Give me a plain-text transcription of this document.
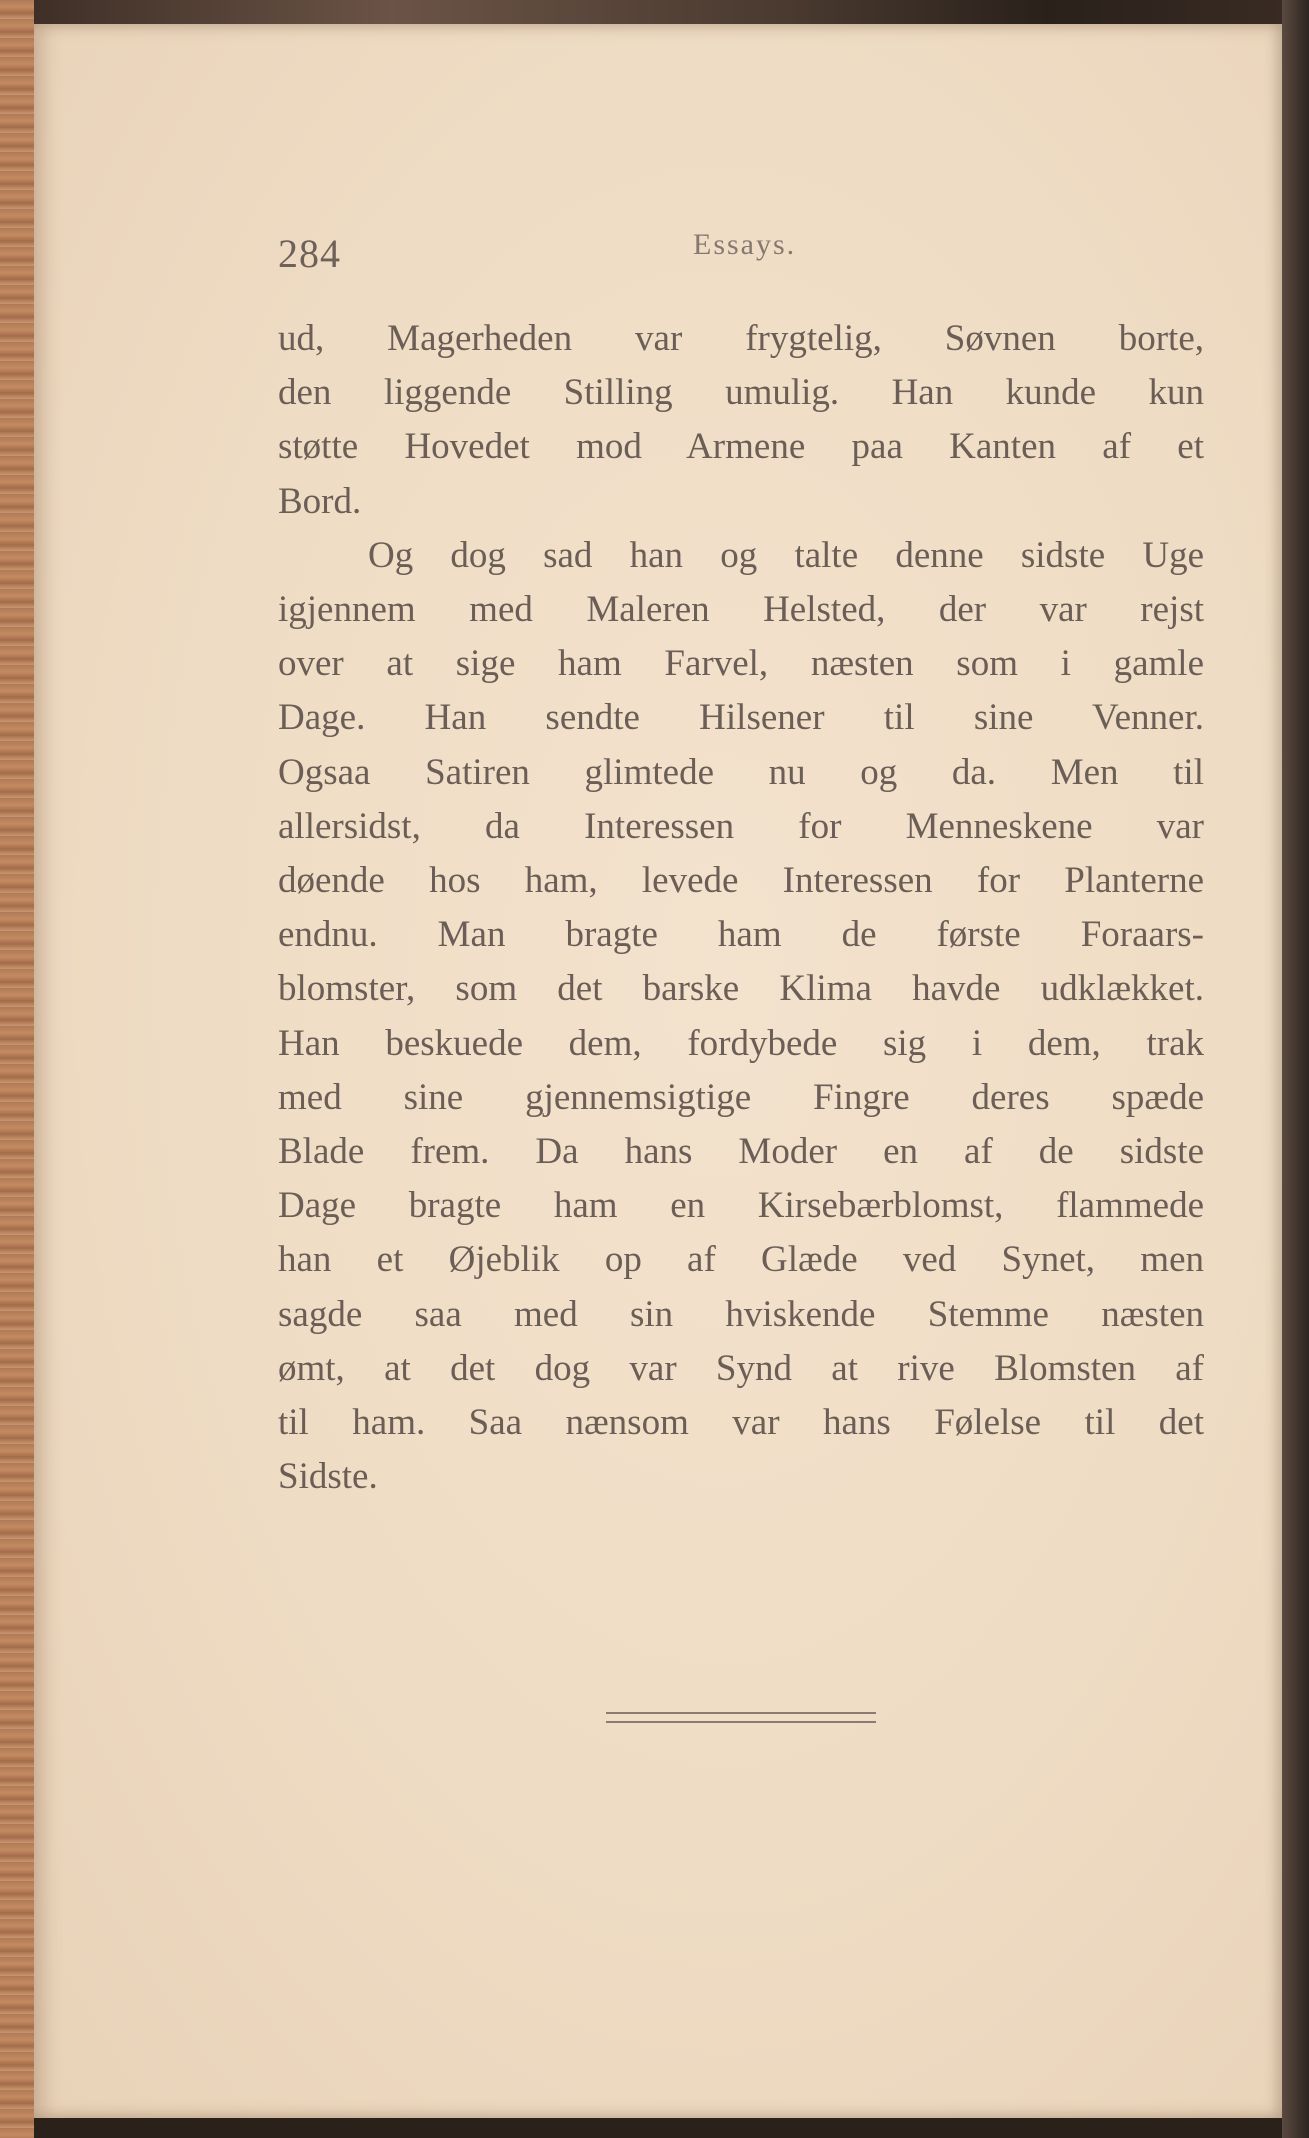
284	Essays.
ud, Magerheden var frygtelig, Søvnen borte,
den liggende Stilling umulig. Han kunde kun
støtte Hovedet mod Armene paa Kanten af et
Bord.
Og dog sad han og talte denne sidste Uge
igjennem med Maleren Helsted, der var rejst
over at sige ham Farvel, næsten som i gamle
Dage. Han sendte Hilsener til sine Venner.
Ogsaa Satiren glimtede nu og da. Men til
allersidst, da Interessen for Menneskene var
døende hos ham, levede Interessen for Planterne
endnu. Man bragte ham de første Foraars-
blomster, som det barske Klima havde udklækket.
Han beskuede dem, fordybede sig i dem, trak
med sine gjennemsigtige Fingre deres spæde
Blade frem. Da hans Moder en af de sidste
Dage bragte ham en Kirsebærblomst, flammede
han et Øjeblik op af Glæde ved Synet, men
sagde saa med sin hviskende Stemme næsten
ømt, at det dog var Synd at rive Blomsten af
til ham. Saa nænsom var hans Følelse til det
Sidste.
